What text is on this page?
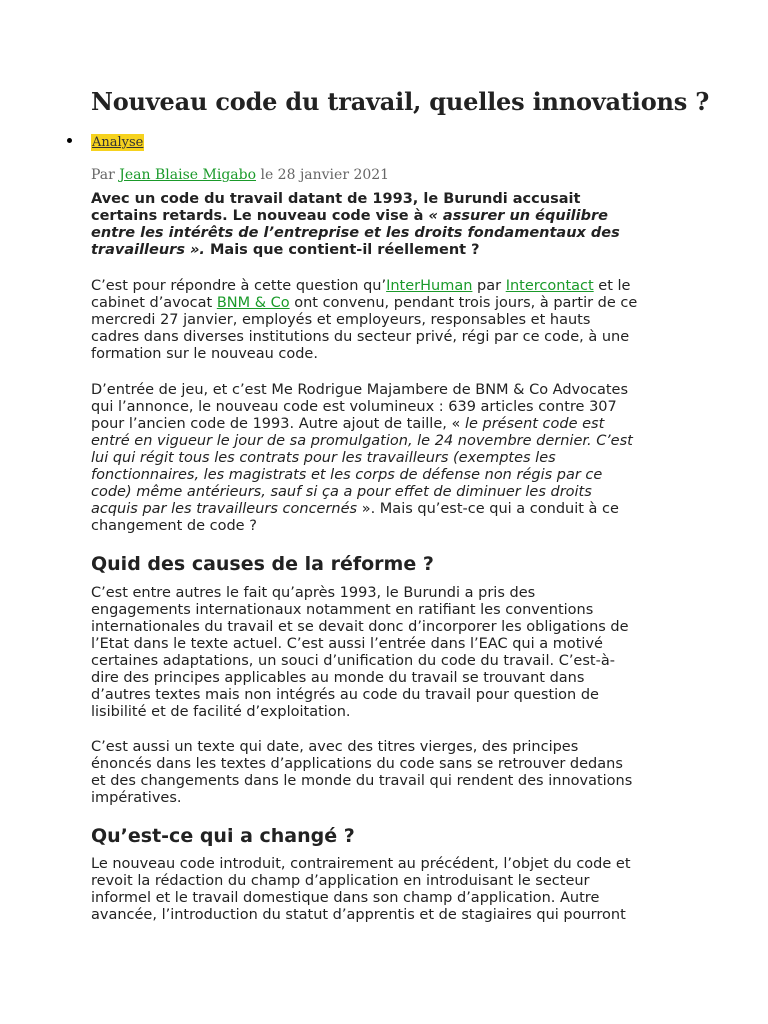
Nouveau code du travail, quelles innovations ?
Analyse
Par Jean Blaise Migabo le 28 janvier 2021

Avec un code du travail datant de 1993, le Burundi accusait
certains retards. Le nouveau code vise à « assurer un équilibre
entre les intérêts de l’entreprise et les droits fondamentaux des
travailleurs ». Mais que contient-il réellement ?

C’est pour répondre à cette question qu’InterHuman par Intercontact et le
cabinet d’avocat BNM & Co ont convenu, pendant trois jours, à partir de ce
mercredi 27 janvier, employés et employeurs, responsables et hauts
cadres dans diverses institutions du secteur privé, régi par ce code, à une
formation sur le nouveau code.

D’entrée de jeu, et c’est Me Rodrigue Majambere de BNM & Co Advocates
qui l’annonce, le nouveau code est volumineux : 639 articles contre 307
pour l’ancien code de 1993. Autre ajout de taille, « le présent code est
entré en vigueur le jour de sa promulgation, le 24 novembre dernier. C’est
lui qui régit tous les contrats pour les travailleurs (exemptes les
fonctionnaires, les magistrats et les corps de défense non régis par ce
code) même antérieurs, sauf si ça a pour effet de diminuer les droits
acquis par les travailleurs concernés ». Mais qu’est-ce qui a conduit à ce
changement de code ?

Quid des causes de la réforme ?

C’est entre autres le fait qu’après 1993, le Burundi a pris des
engagements internationaux notamment en ratifiant les conventions
internationales du travail et se devait donc d’incorporer les obligations de
l’Etat dans le texte actuel. C’est aussi l’entrée dans l’EAC qui a motivé
certaines adaptations, un souci d’unification du code du travail. C’est-à-
dire des principes applicables au monde du travail se trouvant dans
d’autres textes mais non intégrés au code du travail pour question de
lisibilité et de facilité d’exploitation.

C’est aussi un texte qui date, avec des titres vierges, des principes
énoncés dans les textes d’applications du code sans se retrouver dedans
et des changements dans le monde du travail qui rendent des innovations
impératives.

Qu’est-ce qui a changé ?

Le nouveau code introduit, contrairement au précédent, l’objet du code et
revoit la rédaction du champ d’application en introduisant le secteur
informel et le travail domestique dans son champ d’application. Autre
avancée, l’introduction du statut d’apprentis et de stagiaires qui pourront
